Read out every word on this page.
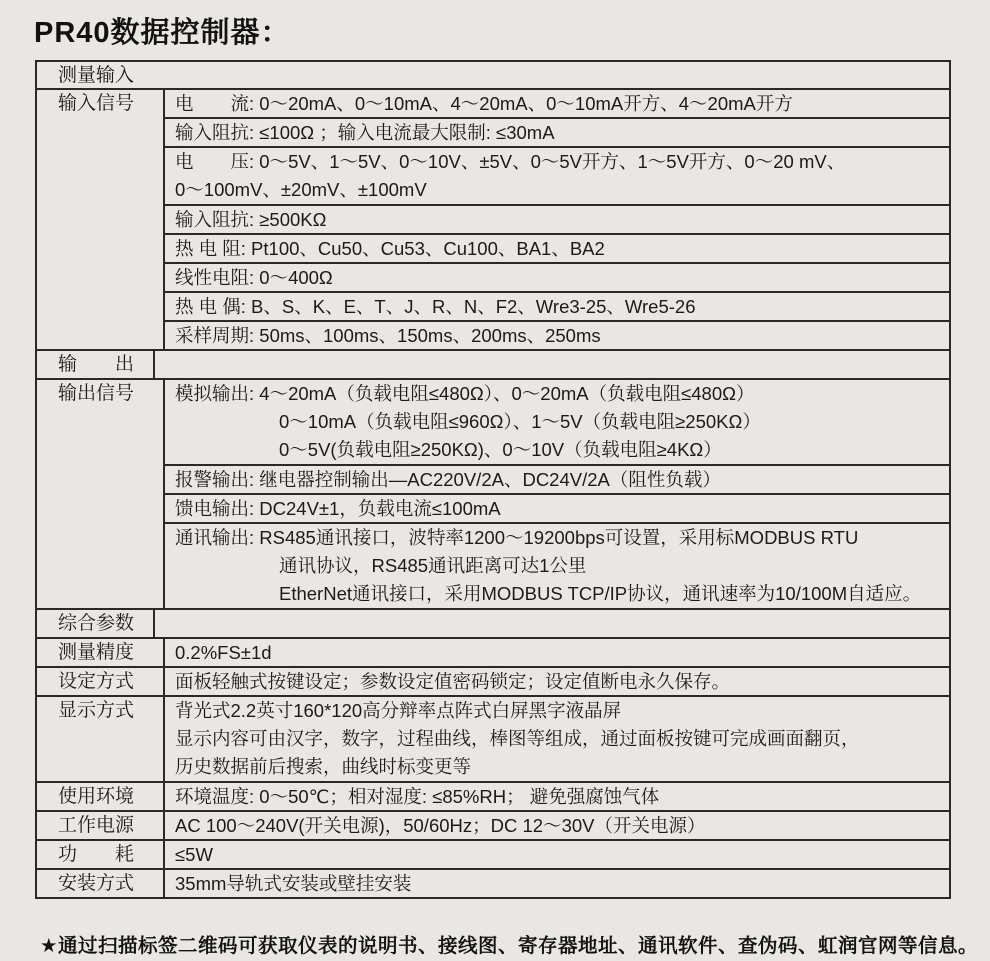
PR40数据控制器：
测量输入
输入信号	电　　流: 0～20mA、0～10mA、4～20mA、0～10mA开方、4～20mA开方
输入阻抗: ≤100Ω ；输入电流最大限制: ≤30mA
电　　压: 0～5V、1～5V、0～10V、±5V、0～5V开方、1～5V开方、0～20 mV、
0～100mV、±20mV、±100mV
输入阻抗: ≥500KΩ
热 电 阻: Pt100、Cu50、Cu53、Cu100、BA1、BA2
线性电阻: 0～400Ω
热 电 偶: B、S、K、E、T、J、R、N、F2、Wre3-25、Wre5-26
采样周期: 50ms、100ms、150ms、200ms、250ms
输　　出
输出信号	模拟输出: 4～20mA（负载电阻≤480Ω）、0～20mA（负载电阻≤480Ω）
0～10mA（负载电阻≤960Ω）、1～5V（负载电阻≥250KΩ）
0～5V(负载电阻≥250KΩ)、0～10V（负载电阻≥4KΩ）
报警输出: 继电器控制输出—AC220V/2A、DC24V/2A（阻性负载）
馈电输出: DC24V±1，负载电流≤100mA
通讯输出: RS485通讯接口，波特率1200～19200bps可设置，采用标MODBUS RTU
通讯协议，RS485通讯距离可达1公里
EtherNet通讯接口，采用MODBUS TCP/IP协议，通讯速率为10/100M自适应。
综合参数
测量精度	0.2%FS±1d
设定方式	面板轻触式按键设定；参数设定值密码锁定；设定值断电永久保存。
显示方式	背光式2.2英寸160*120高分辩率点阵式白屏黑字液晶屏
显示内容可由汉字，数字，过程曲线，棒图等组成，通过面板按键可完成画面翻页，
历史数据前后搜索，曲线时标变更等
使用环境	环境温度: 0～50℃；相对湿度: ≤85%RH； 避免强腐蚀气体
工作电源	AC 100～240V(开关电源)，50/60Hz；DC 12～30V（开关电源）
功　　耗	≤5W
安装方式	35mm导轨式安装或壁挂安装
★通过扫描标签二维码可获取仪表的说明书、接线图、寄存器地址、通讯软件、查伪码、虹润官网等信息。
